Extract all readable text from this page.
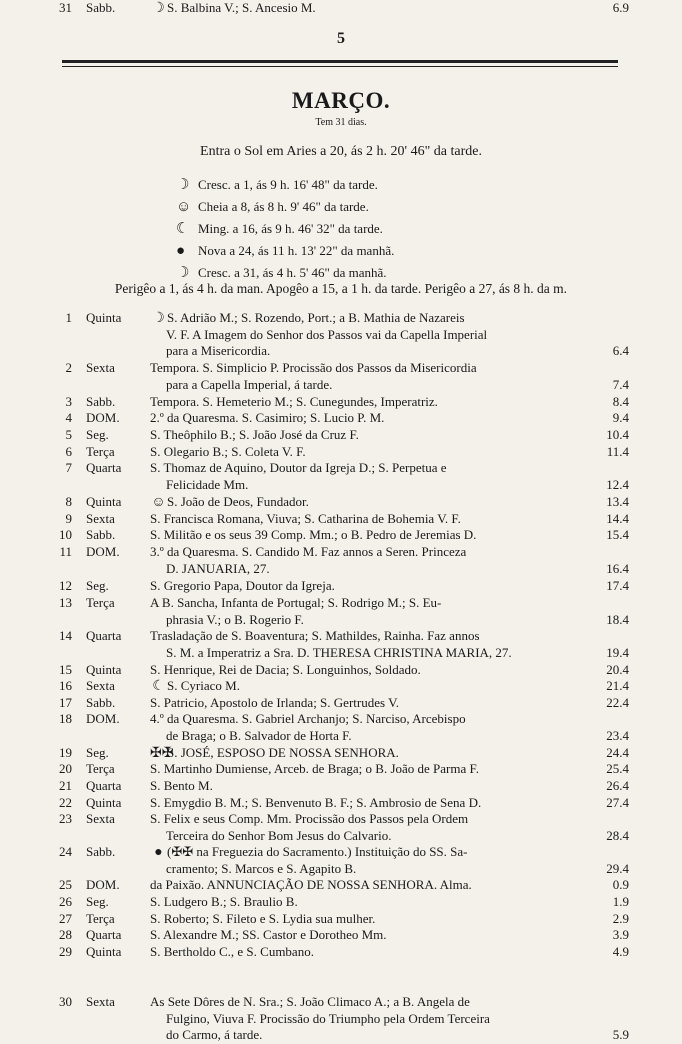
5
MARÇO.
Tem 31 dias.
Entra o Sol em Aries a 20, ás 2 h. 20' 46" da tarde.
☽ Cresc. a 1, ás 9 h. 16' 48" da tarde.
☺ Cheia a 8, ás 8 h. 9' 46" da tarde.
☾ Ming. a 16, ás 9 h. 46' 32" da tarde.
● Nova a 24, ás 11 h. 13' 22" da manhã.
☽ Cresc. a 31, ás 4 h. 5' 46" da manhã.
Perigêo a 1, ás 4 h. da man. Apogêo a 15, a 1 h. da tarde. Perigêo a 27, ás 8 h. da m.
1 Quinta	☽ S. Adrião M.; S. Rozendo, Port.; a B. Mathia de Nazareis
V. F. A Imagem do Senhor dos Passos vai da Capella Imperial
para a Misericordia.	6.4
2 Sexta	Tempora. S. Simplicio P. Procissão dos Passos da Misericordia
para a Capella Imperial, á tarde.	7.4
3 Sabb.	Tempora. S. Hemeterio M.; S. Cunegundes, Imperatriz.	8.4
4 DOM.	2.º da Quaresma. S. Casimiro; S. Lucio P. M.	9.4
5 Seg.	S. Theôphilo B.; S. João José da Cruz F.	10.4
6 Terça	S. Olegario B.; S. Coleta V. F.	11.4
7 Quarta	S. Thomaz de Aquino, Doutor da Igreja D.; S. Perpetua e
Felicidade Mm.	12.4
8 Quinta	☺S. João de Deos, Fundador.	13.4
9 Sexta	S. Francisca Romana, Viuva; S. Catharina de Bohemia V. F.	14.4
10 Sabb.	S. Militão e os seus 39 Comp. Mm.; o B. Pedro de Jeremias D.	15.4
11 DOM.	3.º da Quaresma. S. Candido M. Faz annos a Seren. Princeza
D. JANUARIA, 27.	16.4
12 Seg.	S. Gregorio Papa, Doutor da Igreja.	17.4
13 Terça	A B. Sancha, Infanta de Portugal; S. Rodrigo M.; S. Eu-
phrasia V.; o B. Rogerio F.	18.4
14 Quarta	Trasladação de S. Boaventura; S. Mathildes, Rainha. Faz annos
S. M. a Imperatriz a Sra. D. THERESA CHRISTINA MARIA, 27.	19.4
15 Quinta	S. Henrique, Rei de Dacia; S. Longuinhos, Soldado.	20.4
16 Sexta	☾ S. Cyriaco M.	21.4
17 Sabb.	S. Patricio, Apostolo de Irlanda; S. Gertrudes V.	22.4
18 DOM.	4.º da Quaresma. S. Gabriel Archanjo; S. Narciso, Arcebispo
de Braga; o B. Salvador de Horta F.	23.4
19 Seg.	✠✠S. JOSÉ, ESPOSO DE NOSSA SENHORA.	24.4
20 Terça	S. Martinho Dumiense, Arceb. de Braga; o B. João de Parma F.	25.4
21 Quarta	S. Bento M.	26.4
22 Quinta	S. Emygdio B. M.; S. Benvenuto B. F.; S. Ambrosio de Sena D.	27.4
23 Sexta	S. Felix e seus Comp. Mm. Procissão dos Passos pela Ordem
Terceira do Senhor Bom Jesus do Calvario.	28.4
24 Sabb.	● (✠✠ na Freguezia do Sacramento.) Instituição do SS. Sa-
cramento; S. Marcos e S. Agapito B.	29.4
25 DOM.	da Paixão. ANNUNCIAÇÃO DE NOSSA SENHORA. Alma.	0.9
26 Seg.	S. Ludgero B.; S. Braulio B.	1.9
27 Terça	S. Roberto; S. Fileto e S. Lydia sua mulher.	2.9
28 Quarta	S. Alexandre M.; SS. Castor e Dorotheo Mm.	3.9
29 Quinta	S. Bertholdo C., e S. Cumbano.	4.9
30 Sexta	As Sete Dôres de N. Sra.; S. João Climaco A.; a B. Angela de
Fulgino, Viuva F. Procissão do Triumpho pela Ordem Terceira
do Carmo, á tarde.	5.9
31 Sabb.	☽ S. Balbina V.; S. Ancesio M.	6.9
